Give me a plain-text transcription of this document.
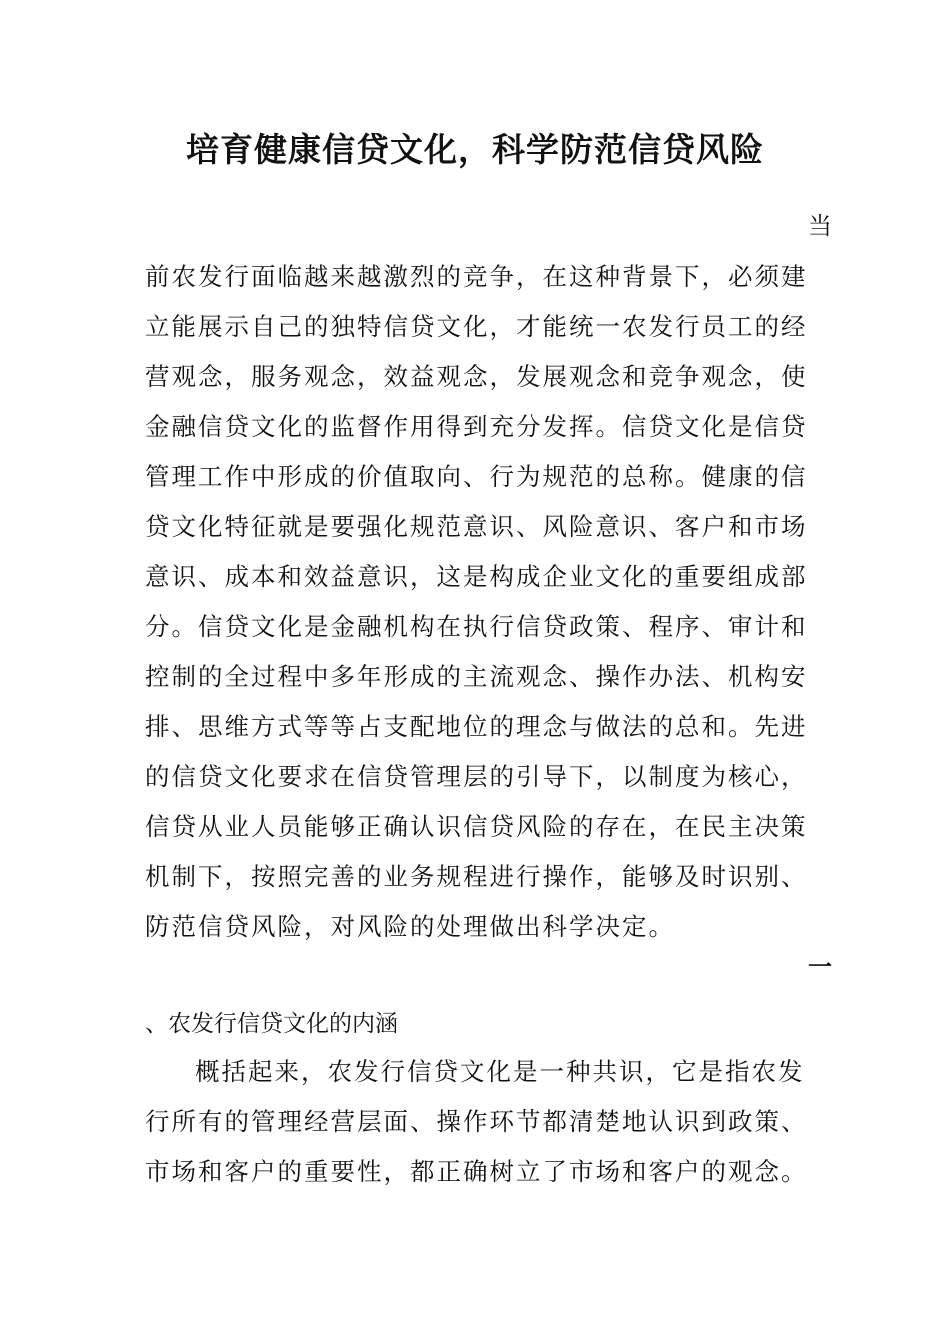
培育健康信贷文化，科学防范信贷风险
当
前农发行面临越来越激烈的竞争，在这种背景下，必须建
立能展示自己的独特信贷文化，才能统一农发行员工的经
营观念，服务观念，效益观念，发展观念和竞争观念，使
金融信贷文化的监督作用得到充分发挥。信贷文化是信贷
管理工作中形成的价值取向、行为规范的总称。健康的信
贷文化特征就是要强化规范意识、风险意识、客户和市场
意识、成本和效益意识，这是构成企业文化的重要组成部
分。信贷文化是金融机构在执行信贷政策、程序、审计和
控制的全过程中多年形成的主流观念、操作办法、机构安
排、思维方式等等占支配地位的理念与做法的总和。先进
的信贷文化要求在信贷管理层的引导下，以制度为核心，
信贷从业人员能够正确认识信贷风险的存在，在民主决策
机制下，按照完善的业务规程进行操作，能够及时识别、
防范信贷风险，对风险的处理做出科学决定。
一
、农发行信贷文化的内涵
概括起来，农发行信贷文化是一种共识，它是指农发
行所有的管理经营层面、操作环节都清楚地认识到政策、
市场和客户的重要性，都正确树立了市场和客户的观念。
